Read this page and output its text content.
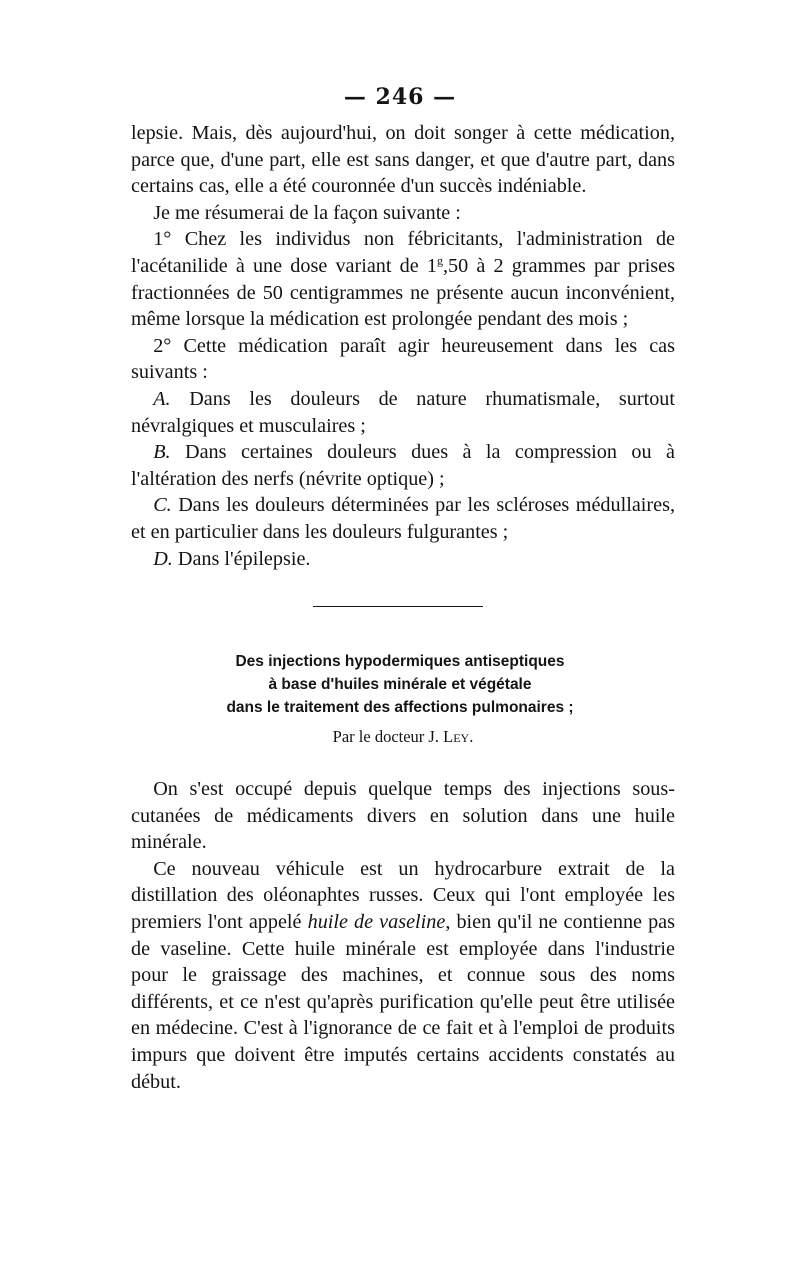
— 246 —

lepsie. Mais, dès aujourd'hui, on doit songer à cette médication, parce que, d'une part, elle est sans danger, et que d'autre part, dans certains cas, elle a été couronnée d'un succès indéniable.

 Je me résumerai de la façon suivante :

 1° Chez les individus non fébricitants, l'administration de l'acétanilide à une dose variant de 1$^g$,50 à 2 grammes par prises fractionnées de 50 centigrammes ne présente aucun inconvénient, même lorsque la médication est prolongée pendant des mois ;

 2° Cette médication paraît agir heureusement dans les cas suivants :

 A. Dans les douleurs de nature rhumatismale, surtout névralgiques et musculaires ;

 B. Dans certaines douleurs dues à la compression ou à l'altération des nerfs (névrite optique) ;

 C. Dans les douleurs déterminées par les scléroses médullaires, et en particulier dans les douleurs fulgurantes ;

 D. Dans l'épilepsie.

Des injections hypodermiques antiseptiques
à base d'huiles minérale et végétale
dans le traitement des affections pulmonaires ;
Par le docteur J. Ley.

 On s'est occupé depuis quelque temps des injections sous-cutanées de médicaments divers en solution dans une huile minérale.

 Ce nouveau véhicule est un hydrocarbure extrait de la distillation des oléonaphtes russes. Ceux qui l'ont employée les premiers l'ont appelé huile de vaseline, bien qu'il ne contienne pas de vaseline. Cette huile minérale est employée dans l'industrie pour le graissage des machines, et connue sous des noms différents, et ce n'est qu'après purification qu'elle peut être utilisée en médecine. C'est à l'ignorance de ce fait et à l'emploi de produits impurs que doivent être imputés certains accidents constatés au début.
